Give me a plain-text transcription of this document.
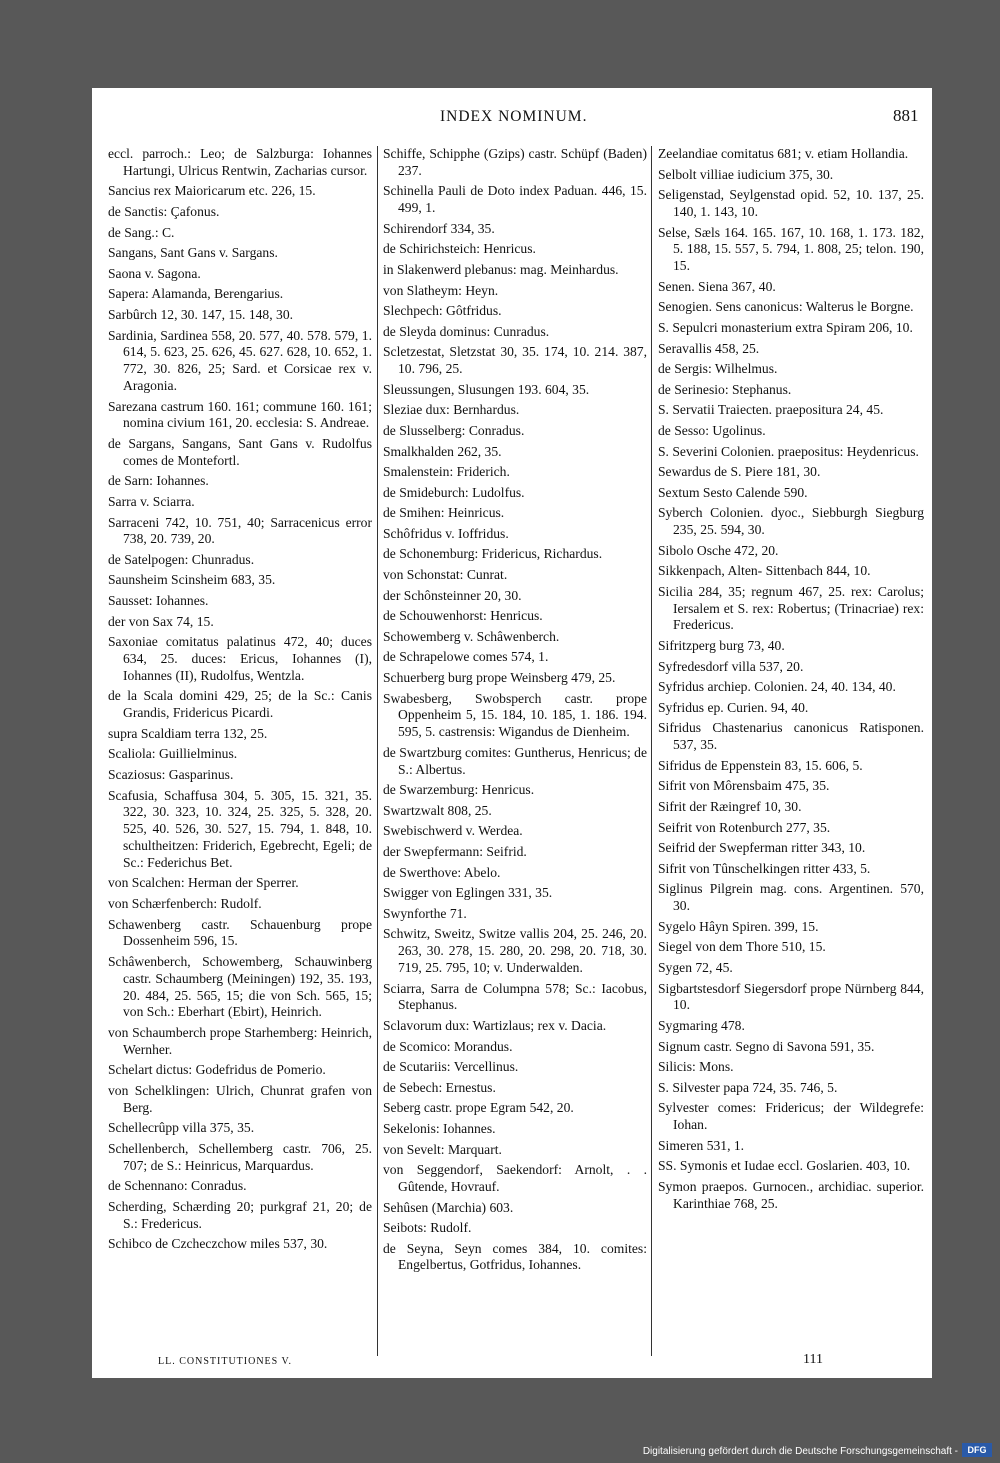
INDEX NOMINUM.	881
eccl. parroch.: Leo; de Salzburga: Iohannes Hartungi, Ulricus Rentwin, Zacharias cursor.
Sancius rex Maioricarum etc. 226, 15.
de Sanctis: Çafonus.
de Sang.: C.
Sangans, Sant Gans v. Sargans.
Saona v. Sagona.
Sapera: Alamanda, Berengarius.
Sarbûrch 12, 30. 147, 15. 148, 30.
Sardinia, Sardinea 558, 20. 577, 40. 578. 579, 1. 614, 5. 623, 25. 626, 45. 627. 628, 10. 652, 1. 772, 30. 826, 25; Sard. et Corsicae rex v. Aragonia.
Sarezana castrum 160. 161; commune 160. 161; nomina civium 161, 20. ecclesia: S. Andreae.
de Sargans, Sangans, Sant Gans v. Rudolfus comes de Montefortl.
de Sarn: Iohannes.
Sarra v. Sciarra.
Sarraceni 742, 10. 751, 40; Sarracenicus error 738, 20. 739, 20.
de Satelpogen: Chunradus.
Saunsheim Scinsheim 683, 35.
Sausset: Iohannes.
der von Sax 74, 15.
Saxoniae comitatus palatinus 472, 40; duces 634, 25. duces: Ericus, Iohannes (I), Iohannes (II), Rudolfus, Wentzla.
de la Scala domini 429, 25; de la Sc.: Canis Grandis, Fridericus Picardi.
supra Scaldiam terra 132, 25.
Scaliola: Guillielminus.
Scaziosus: Gasparinus.
Scafusia, Schaffusa 304, 5. 305, 15. 321, 35. 322, 30. 323, 10. 324, 25. 325, 5. 328, 20. 525, 40. 526, 30. 527, 15. 794, 1. 848, 10. schultheitzen: Friderich, Egebrecht, Egeli; de Sc.: Federichus Bet.
von Scalchen: Herman der Sperrer.
von Schærfenberch: Rudolf.
Schawenberg castr. Schauenburg prope Dossenheim 596, 15.
Schâwenberch, Schowemberg, Schauwinberg castr. Schaumberg (Meiningen) 192, 35. 193, 20. 484, 25. 565, 15; die von Sch. 565, 15; von Sch.: Eberhart (Ebirt), Heinrich.
von Schaumberch prope Starhemberg: Heinrich, Wernher.
Schelart dictus: Godefridus de Pomerio.
von Schelklingen: Ulrich, Chunrat grafen von Berg.
Schellecrûpp villa 375, 35.
Schellenberch, Schellemberg castr. 706, 25. 707; de S.: Heinricus, Marquardus.
de Schennano: Conradus.
Scherding, Schærding 20; purkgraf 21, 20; de S.: Fredericus.
Schibco de Czcheczchow miles 537, 30.
Schiffe, Schipphe (Gzips) castr. Schüpf (Baden) 237.
Schinella Pauli de Doto index Paduan. 446, 15. 499, 1.
Schirendorf 334, 35.
de Schirichsteich: Henricus.
in Slakenwerd plebanus: mag. Meinhardus.
von Slatheym: Heyn.
Slechpech: Gôtfridus.
de Sleyda dominus: Cunradus.
Scletzestat, Sletzstat 30, 35. 174, 10. 214. 387, 10. 796, 25.
Sleussungen, Slusungen 193. 604, 35.
Sleziae dux: Bernhardus.
de Slusselberg: Conradus.
Smalkhalden 262, 35.
Smalenstein: Friderich.
de Smideburch: Ludolfus.
de Smihen: Heinricus.
Schôfridus v. Ioffridus.
de Schonemburg: Fridericus, Richardus.
von Schonstat: Cunrat.
der Schônsteinner 20, 30.
de Schouwenhorst: Henricus.
Schowemberg v. Schâwenberch.
de Schrapelowe comes 574, 1.
Schuerberg burg prope Weinsberg 479, 25.
Swabesberg, Swobsperch castr. prope Oppenheim 5, 15. 184, 10. 185, 1. 186. 194. 595, 5. castrensis: Wigandus de Dienheim.
de Swartzburg comites: Guntherus, Henricus; de S.: Albertus.
de Swarzemburg: Henricus.
Swartzwalt 808, 25.
Swebischwerd v. Werdea.
der Swepfermann: Seifrid.
de Swerthove: Abelo.
Swigger von Eglingen 331, 35.
Swynforthe 71.
Schwitz, Sweitz, Switze vallis 204, 25. 246, 20. 263, 30. 278, 15. 280, 20. 298, 20. 718, 30. 719, 25. 795, 10; v. Underwalden.
Sciarra, Sarra de Columpna 578; Sc.: Iacobus, Stephanus.
Sclavorum dux: Wartizlaus; rex v. Dacia.
de Scomico: Morandus.
de Scutariis: Vercellinus.
de Sebech: Ernestus.
Seberg castr. prope Egram 542, 20.
Sekelonis: Iohannes.
von Sevelt: Marquart.
von Seggendorf, Saekendorf: Arnolt, . . Gûtende, Hovrauf.
Sehûsen (Marchia) 603.
Seibots: Rudolf.
de Seyna, Seyn comes 384, 10. comites: Engelbertus, Gotfridus, Iohannes.
Zeelandiae comitatus 681; v. etiam Hollandia.
Selbolt villiae iudicium 375, 30.
Seligenstad, Seylgenstad opid. 52, 10. 137, 25. 140, 1. 143, 10.
Selse, Sæls 164. 165. 167, 10. 168, 1. 173. 182, 5. 188, 15. 557, 5. 794, 1. 808, 25; telon. 190, 15.
Senen. Siena 367, 40.
Senogien. Sens canonicus: Walterus le Borgne.
S. Sepulcri monasterium extra Spiram 206, 10.
Seravallis 458, 25.
de Sergis: Wilhelmus.
de Serinesio: Stephanus.
S. Servatii Traiecten. praepositura 24, 45.
de Sesso: Ugolinus.
S. Severini Colonien. praepositus: Heydenricus.
Sewardus de S. Piere 181, 30.
Sextum Sesto Calende 590.
Syberch Colonien. dyoc., Siebburgh Siegburg 235, 25. 594, 30.
Sibolo Osche 472, 20.
Sikkenpach, Alten- Sittenbach 844, 10.
Sicilia 284, 35; regnum 467, 25. rex: Carolus; Iersalem et S. rex: Robertus; (Trinacriae) rex: Fredericus.
Sifritzperg burg 73, 40.
Syfredesdorf villa 537, 20.
Syfridus archiep. Colonien. 24, 40. 134, 40.
Syfridus ep. Curien. 94, 40.
Sifridus Chastenarius canonicus Ratisponen. 537, 35.
Sifridus de Eppenstein 83, 15. 606, 5.
Sifrit von Môrensbaim 475, 35.
Sifrit der Ræingref 10, 30.
Seifrit von Rotenburch 277, 35.
Seifrid der Swepferman ritter 343, 10.
Sifrit von Tûnschelkingen ritter 433, 5.
Siglinus Pilgrein mag. cons. Argentinen. 570, 30.
Sygelo Hâyn Spiren. 399, 15.
Siegel von dem Thore 510, 15.
Sygen 72, 45.
Sigbartstesdorf Siegersdorf prope Nürnberg 844, 10.
Sygmaring 478.
Signum castr. Segno di Savona 591, 35.
Silicis: Mons.
S. Silvester papa 724, 35. 746, 5.
Sylvester comes: Fridericus; der Wildegrefe: Iohan.
Simeren 531, 1.
SS. Symonis et Iudae eccl. Goslarien. 403, 10.
Symon praepos. Gurnocen., archidiac. superior. Karinthiae 768, 25.
LL. CONSTITUTIONES V.	111
Digitalisierung gefördert durch die Deutsche Forschungsgemeinschaft -	DFG
